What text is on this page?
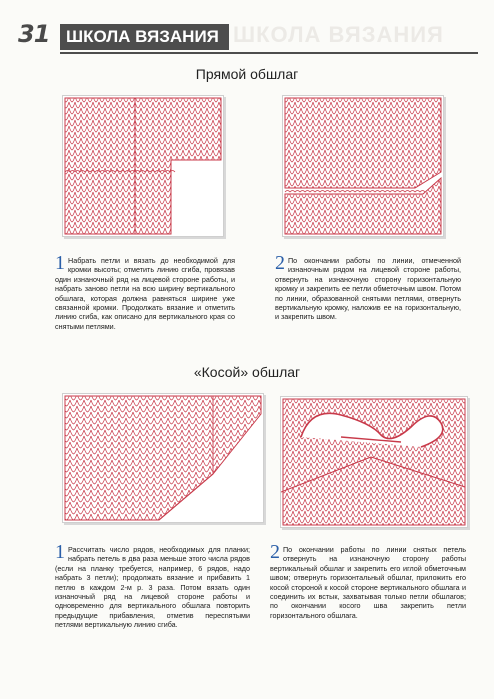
ШКОЛА ВЯЗАНИЯ
31 ШКОЛА ВЯЗАНИЯ
Прямой обшлаг
1 Набрать петли и вязать до необходимой для кромки высоты; отметить линию сгиба, провязав один изнаночный ряд на лицевой стороне работы, и набрать заново петли на всю ширину вертикального обшлага, которая должна равняться ширине уже связанной кромки. Продолжать вязание и отметить линию сгиба, как описано для вертикального края со снятыми петлями.
2 По окончании работы по линии, отмеченной изнаночным рядом на лицевой стороне работы, отвернуть на изнаночную сторону горизонтальную кромку и закрепить ее петли обметочным швом. Потом по линии, образованной снятыми петлями, отвернуть вертикальную кромку, наложив ее на горизонтальную, и закрепить швом.
«Косой» обшлаг
1 Рассчитать число рядов, необходимых для планки; набрать петель в два раза меньше этого числа рядов (если на планку требуется, например, 6 рядов, надо набрать 3 петли); продолжать вязание и прибавить 1 петлю в каждом 2-м р. 3 раза. Потом вязать один изнаночный ряд на лицевой стороне работы и одновременно для вертикального обшлага повторить предыдущие прибавления, отметив пересnятыми петлями вертикальную линию сгиба.
2 По окончании работы по линии снятых петель отвернуть на изнаночную сторону работы вертикальный обшлаг и закрепить его иглой обметочным швом; отвернуть горизонтальный обшлаг, приложить его косой стороной к косой стороне вертикального обшлага и соединить их встык, захватывая только петли обшлагов; по окончании косого шва закрепить петли горизонтального обшлага.
